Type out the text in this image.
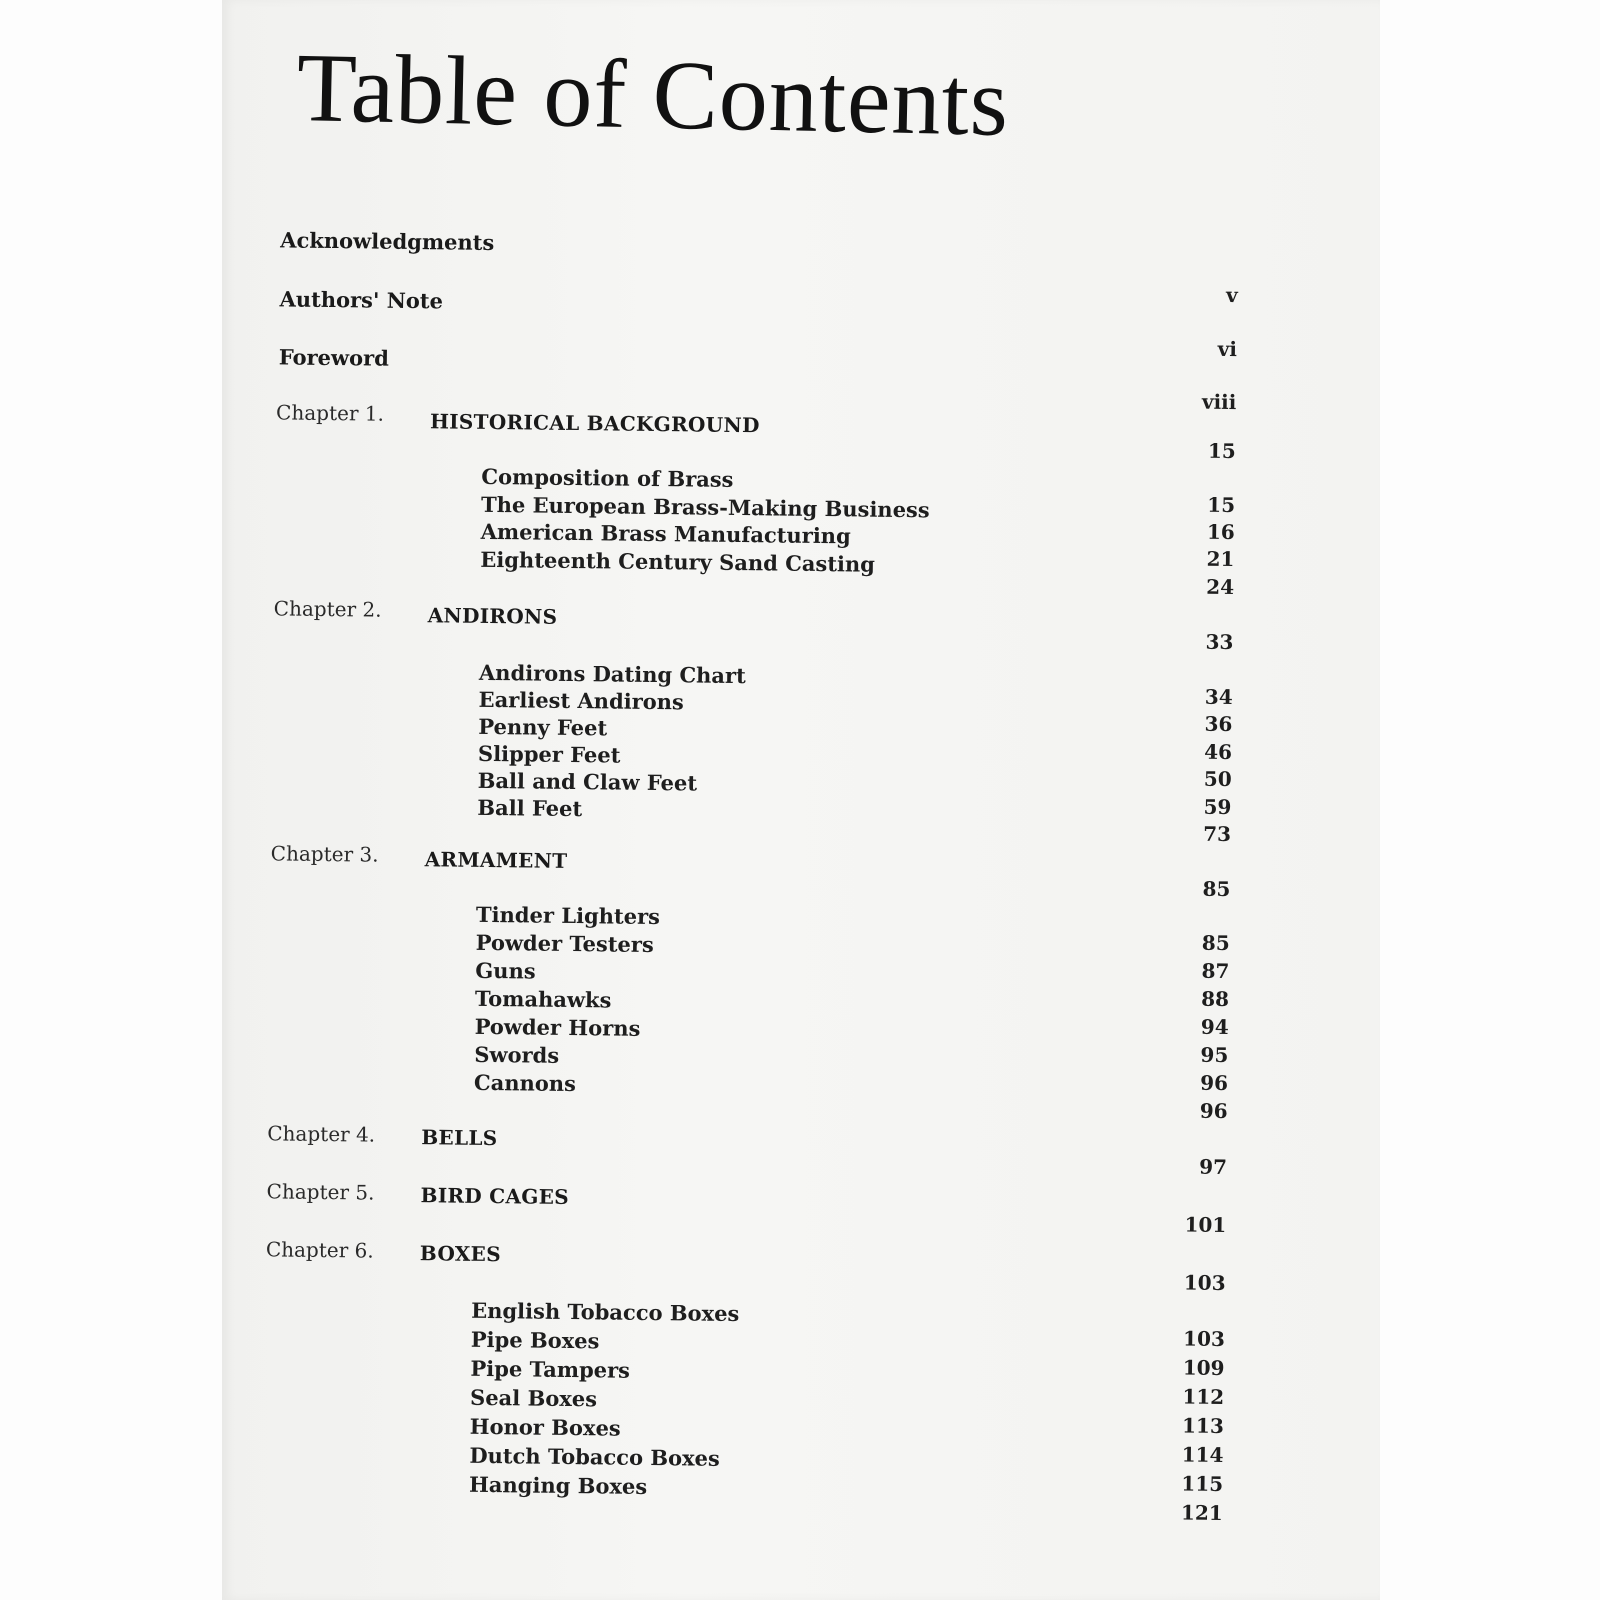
Table of Contents
Acknowledgments
v
Authors' Note
vi
Foreword
viii
Chapter 1. HISTORICAL BACKGROUND
15
Composition of Brass
15
The European Brass-Making Business
16
American Brass Manufacturing
21
Eighteenth Century Sand Casting
24
Chapter 2. ANDIRONS
33
Andirons Dating Chart
34
Earliest Andirons
36
Penny Feet
46
Slipper Feet
50
Ball and Claw Feet
59
Ball Feet
73
Chapter 3. ARMAMENT
85
Tinder Lighters
85
Powder Testers
87
Guns
88
Tomahawks
94
Powder Horns
95
Swords
96
Cannons
96
Chapter 4. BELLS
97
Chapter 5. BIRD CAGES
101
Chapter 6. BOXES
103
English Tobacco Boxes
103
Pipe Boxes
109
Pipe Tampers
112
Seal Boxes
113
Honor Boxes
114
Dutch Tobacco Boxes
115
Hanging Boxes
121
